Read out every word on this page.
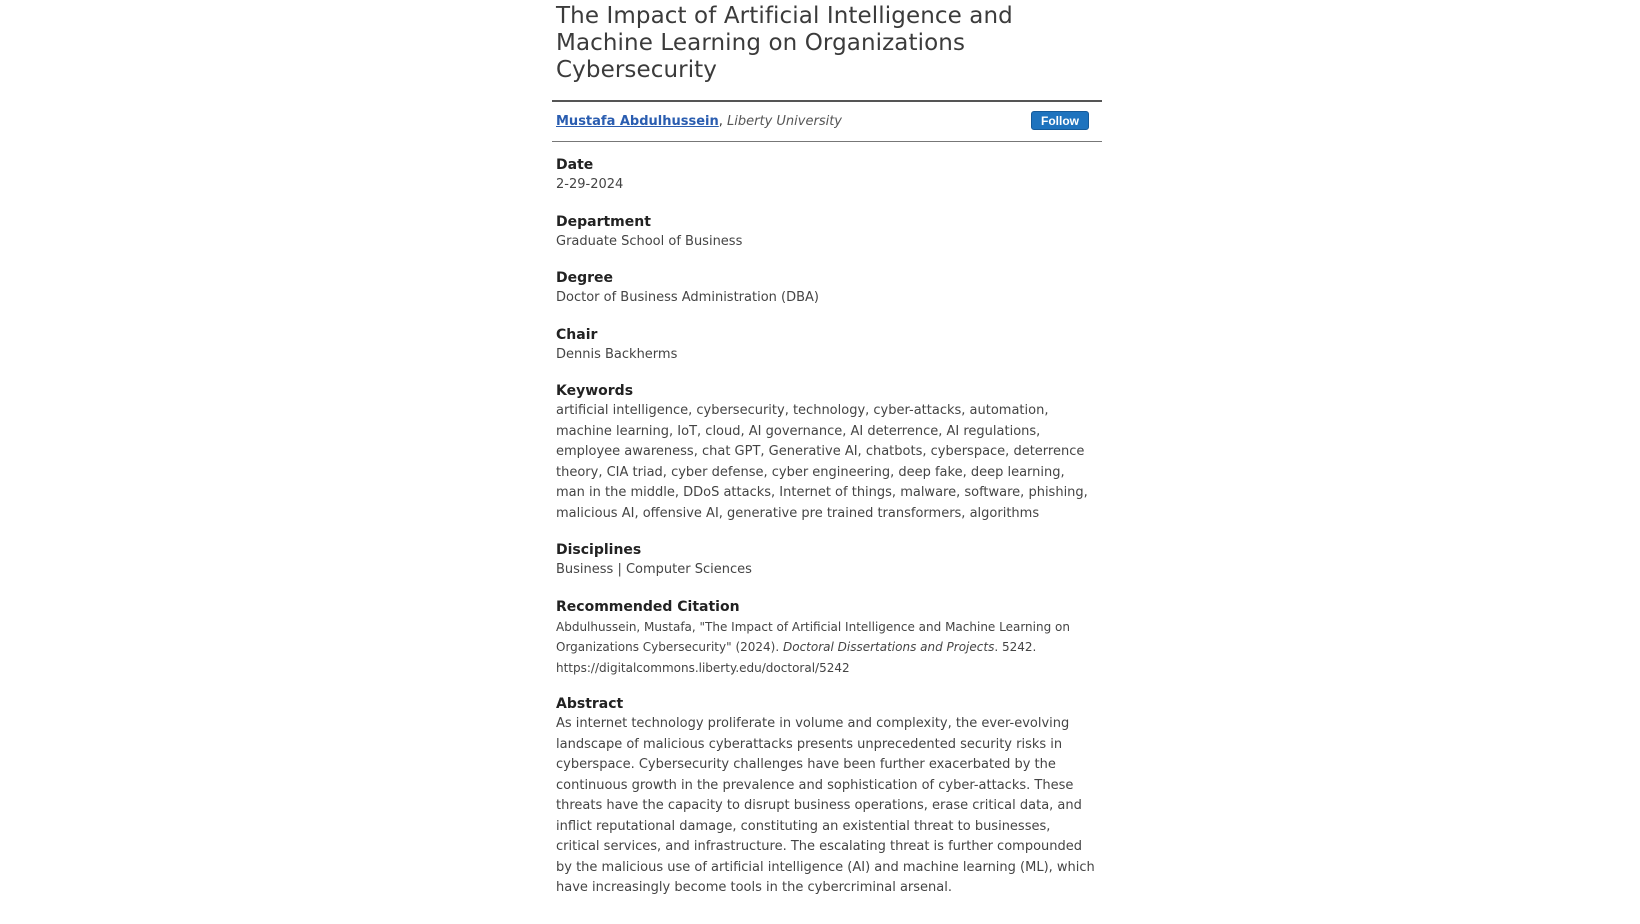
The Impact of Artificial Intelligence and Machine Learning on Organizations Cybersecurity
Mustafa Abdulhussein, Liberty University	Follow
Date

2-29-2024

Department

Graduate School of Business

Degree

Doctor of Business Administration (DBA)

Chair

Dennis Backherms

Keywords

artificial intelligence, cybersecurity, technology, cyber-attacks, automation, machine learning, IoT, cloud, AI governance, AI deterrence, AI regulations, employee awareness, chat GPT, Generative AI, chatbots, cyberspace, deterrence theory, CIA triad, cyber defense, cyber engineering, deep fake, deep learning, man in the middle, DDoS attacks, Internet of things, malware, software, phishing, malicious AI, offensive AI, generative pre trained transformers, algorithms

Disciplines

Business | Computer Sciences

Recommended Citation

Abdulhussein, Mustafa, "The Impact of Artificial Intelligence and Machine Learning on Organizations Cybersecurity" (2024). Doctoral Dissertations and Projects. 5242.
https://digitalcommons.liberty.edu/doctoral/5242

Abstract

As internet technology proliferate in volume and complexity, the ever-evolving landscape of malicious cyberattacks presents unprecedented security risks in cyberspace. Cybersecurity challenges have been further exacerbated by the continuous growth in the prevalence and sophistication of cyber-attacks. These threats have the capacity to disrupt business operations, erase critical data, and inflict reputational damage, constituting an existential threat to businesses, critical services, and infrastructure. The escalating threat is further compounded by the malicious use of artificial intelligence (AI) and machine learning (ML), which have increasingly become tools in the cybercriminal arsenal.
